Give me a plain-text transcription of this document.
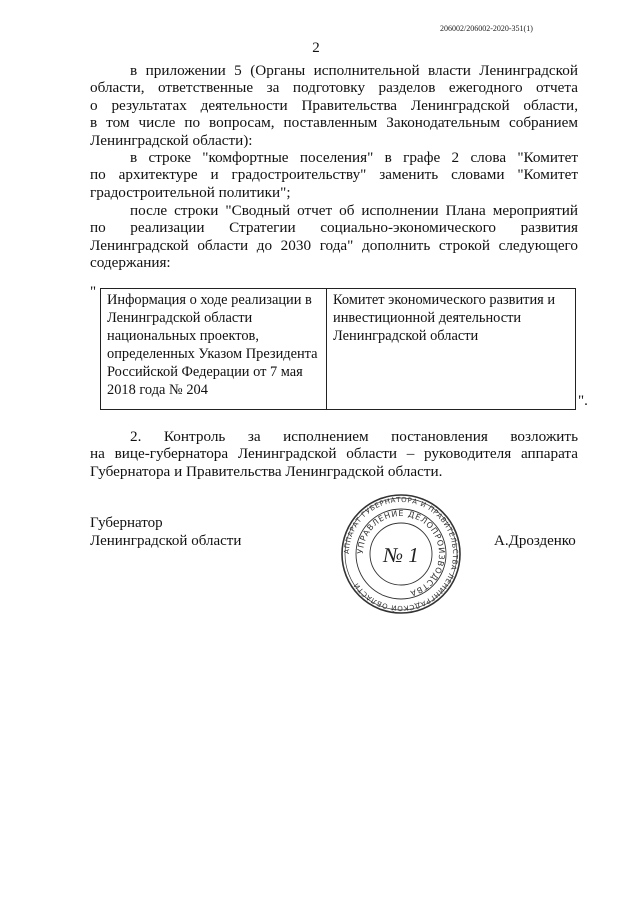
206002/206002-2020-351(1)
2
в приложении 5 (Органы исполнительной власти Ленинградской
области, ответственные за подготовку разделов ежегодного отчета
о результатах деятельности Правительства Ленинградской области,
в том числе по вопросам, поставленным Законодательным собранием
Ленинградской области):
в строке "комфортные поселения" в графе 2 слова "Комитет
по архитектуре и градостроительству" заменить словами "Комитет
градостроительной политики";
после строки "Сводный отчет об исполнении Плана мероприятий
по реализации Стратегии социально-экономического развития
Ленинградской области до 2030 года" дополнить строкой следующего
содержания:
" Информация о ходе реализации в Ленинградской области национальных проектов, определенных Указом Президента Российской Федерации от 7 мая 2018 года № 204	Комитет экономического развития и инвестиционной деятельности Ленинградской области
".
2. Контроль за исполнением постановления возложить
на вице-губернатора Ленинградской области – руководителя аппарата
Губернатора и Правительства Ленинградской области.
Губернатор
Ленинградской области	А.Дрозденко
АППАРАТ ГУБЕРНАТОРА И ПРАВИТЕЛЬСТВА ЛЕНИНГРАДСКОЙ ОБЛАСТИ
УПРАВЛЕНИЕ ДЕЛОПРОИЗВОДСТВА
№ 1
